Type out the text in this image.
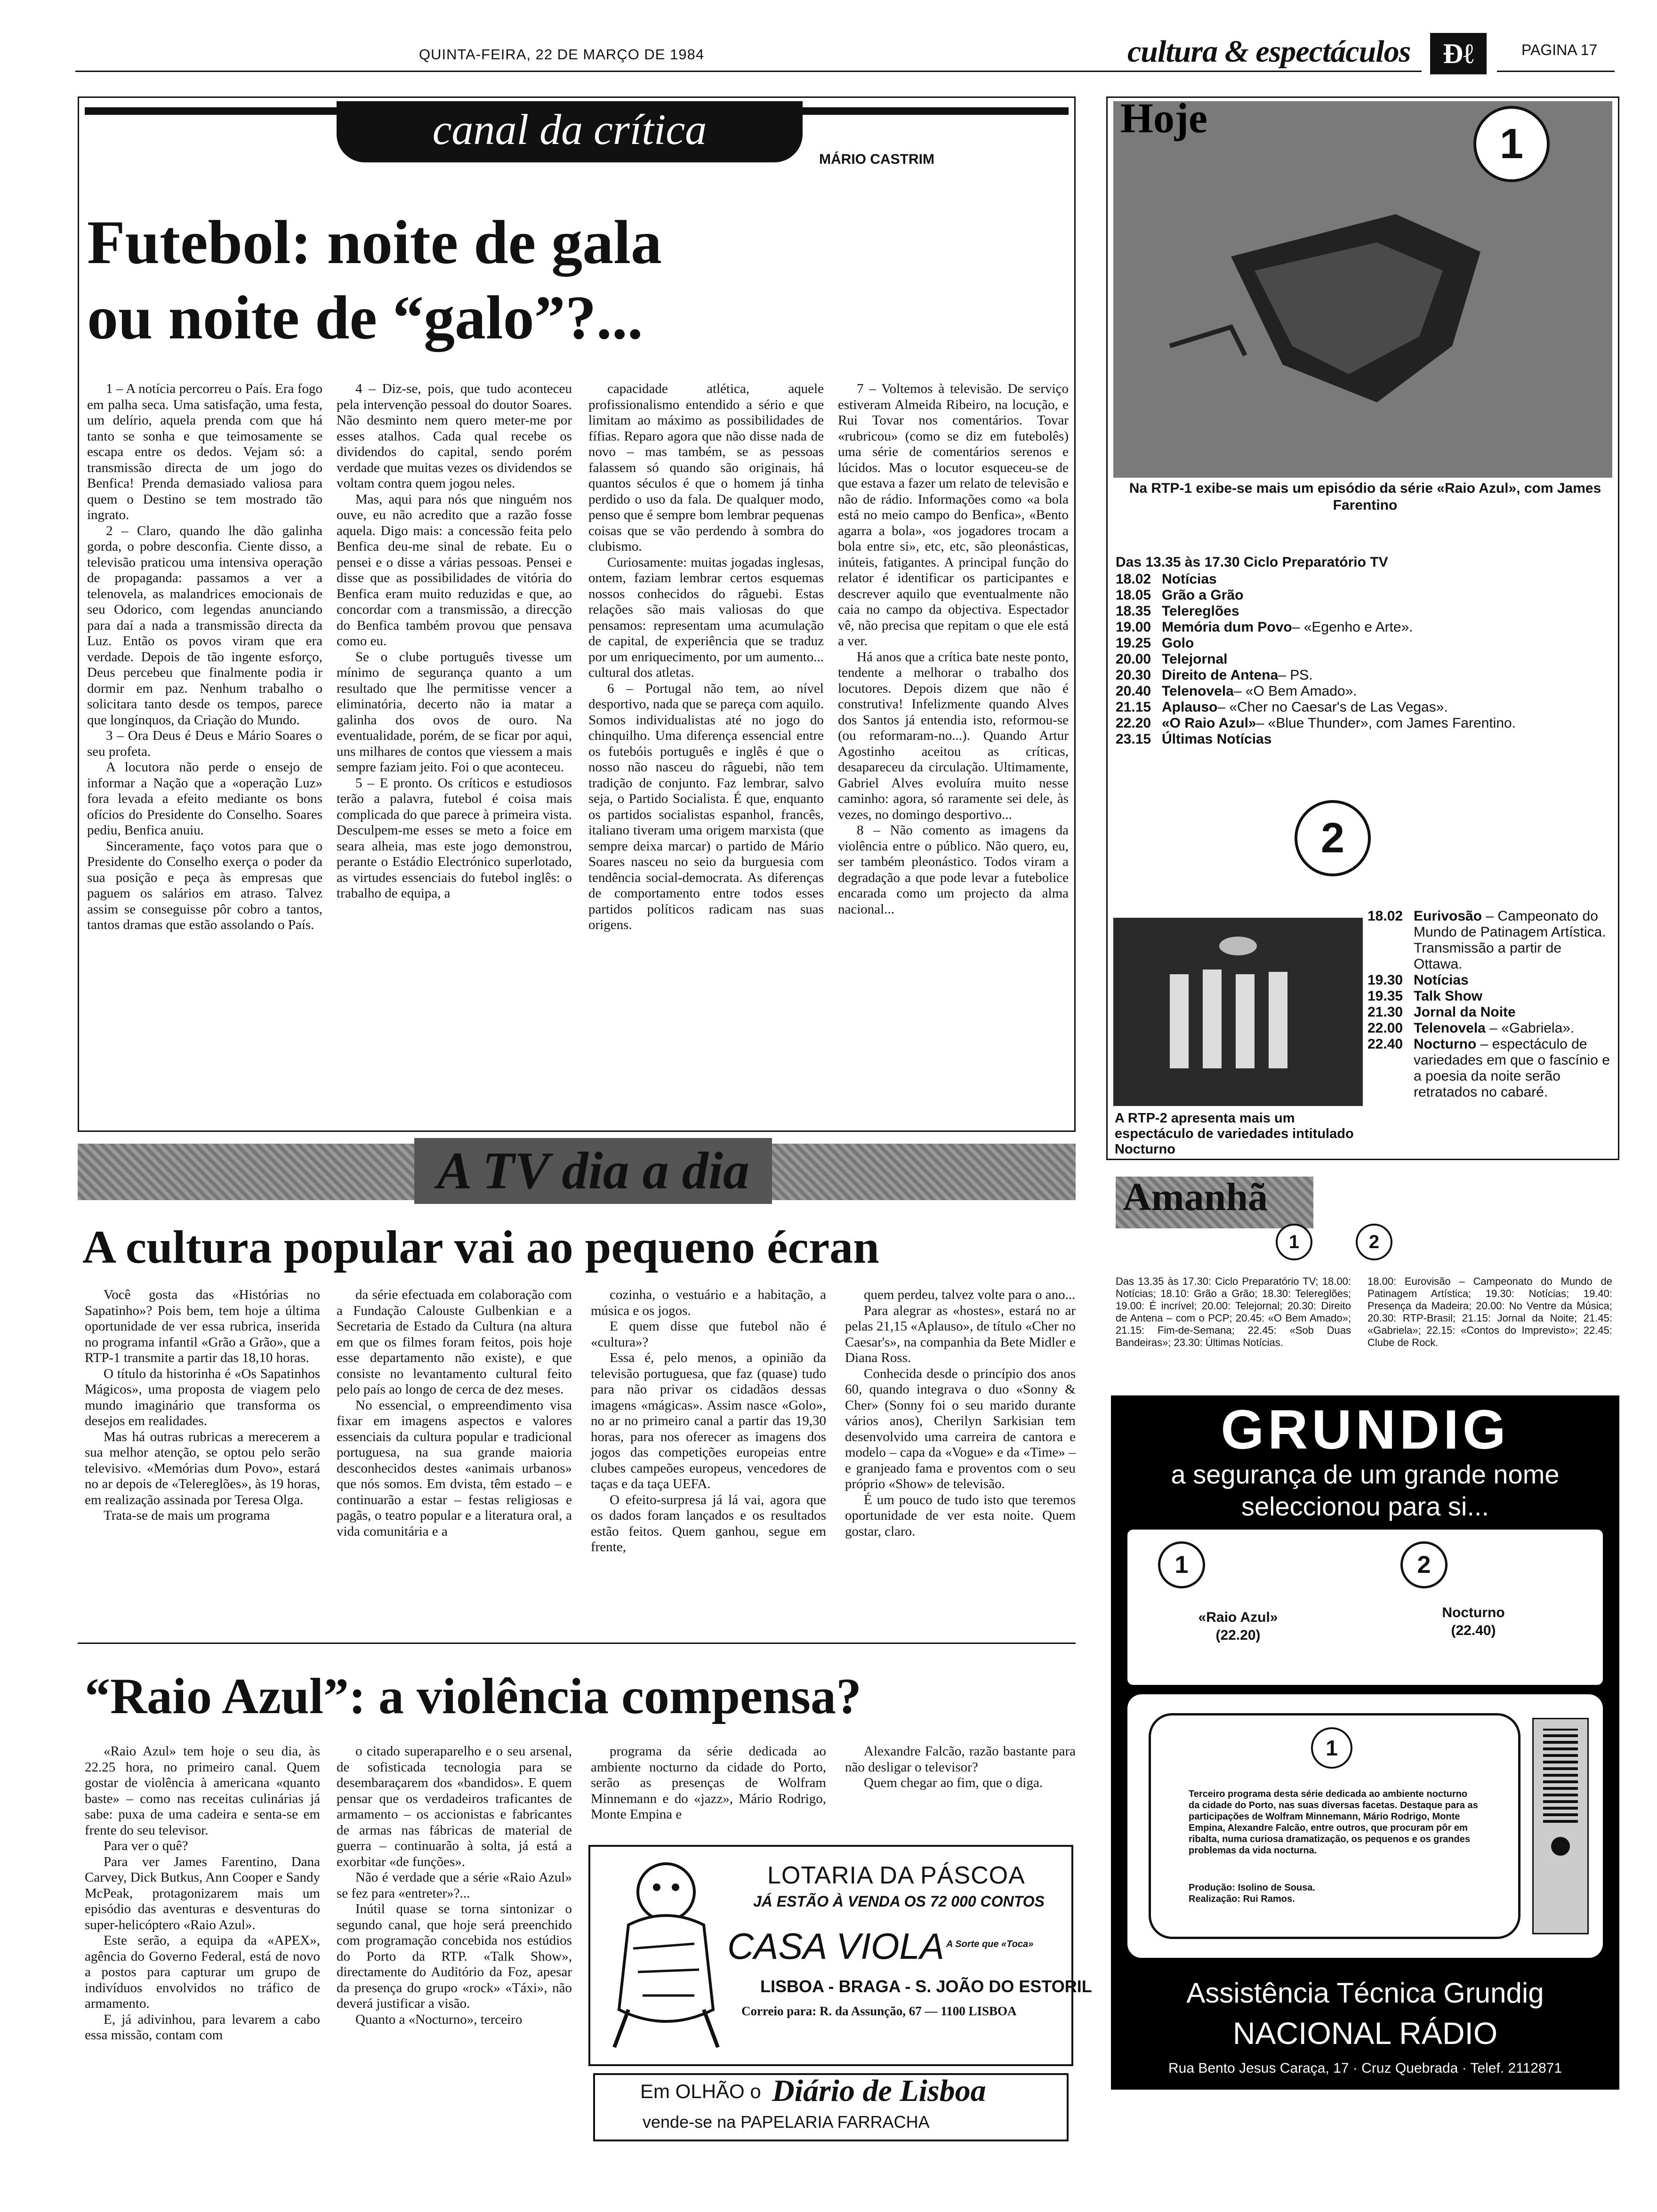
QUINTA-FEIRA, 22 DE MARÇO DE 1984	cultura & espectáculos	Ɖℓ	PAGINA 17
canal da crítica
MÁRIO CASTRIM
Futebol: noite de gala
ou noite de “galo”?...

1 – A notícia percorreu o País. Era fogo em palha seca. Uma satisfação, uma festa, um delírio, aquela prenda com que há tanto se sonha e que teimosamente se escapa entre os dedos. Vejam só: a transmissão directa de um jogo do Benfica! Prenda demasiado valiosa para quem o Destino se tem mostrado tão ingrato.

2 – Claro, quando lhe dão galinha gorda, o pobre desconfia. Ciente disso, a televisão praticou uma intensiva operação de propaganda: passamos a ver a telenovela, as malandrices emocionais de seu Odorico, com legendas anunciando para daí a nada a transmissão directa da Luz. Então os povos viram que era verdade. Depois de tão ingente esforço, Deus percebeu que finalmente podia ir dormir em paz. Nenhum trabalho o solicitara tanto desde os tempos, parece que longínquos, da Criação do Mundo.

3 – Ora Deus é Deus e Mário Soares o seu profeta.

A locutora não perde o ensejo de informar a Nação que a «operação Luz» fora levada a efeito mediante os bons ofícios do Presidente do Conselho. Soares pediu, Benfica anuiu.

Sinceramente, faço votos para que o Presidente do Conselho exerça o poder da sua posição e peça às empresas que paguem os salários em atraso. Talvez assim se conseguisse pôr cobro a tantos, tantos dramas que estão assolando o País.

4 – Diz-se, pois, que tudo aconteceu pela intervenção pessoal do doutor Soares. Não desminto nem quero meter-me por esses atalhos. Cada qual recebe os dividendos do capital, sendo porém verdade que muitas vezes os dividendos se voltam contra quem jogou neles.

Mas, aqui para nós que ninguém nos ouve, eu não acredito que a razão fosse aquela. Digo mais: a concessão feita pelo Benfica deu-me sinal de rebate. Eu o pensei e o disse a várias pessoas. Pensei e disse que as possibilidades de vitória do Benfica eram muito reduzidas e que, ao concordar com a transmissão, a direcção do Benfica também provou que pensava como eu.

Se o clube português tivesse um mínimo de segurança quanto a um resultado que lhe permitisse vencer a eliminatória, decerto não ia matar a galinha dos ovos de ouro. Na eventualidade, porém, de se ficar por aqui, uns milhares de contos que viessem a mais sempre faziam jeito. Foi o que aconteceu.

5 – E pronto. Os críticos e estudiosos terão a palavra, futebol é coisa mais complicada do que parece à primeira vista. Desculpem-me esses se meto a foice em seara alheia, mas este jogo demonstrou, perante o Estádio Electrónico superlotado, as virtudes essenciais do futebol inglês: o trabalho de equipa, a

capacidade atlética, aquele profissionalismo entendido a sério e que limitam ao máximo as possibilidades de fífias. Reparo agora que não disse nada de novo – mas também, se as pessoas falassem só quando são originais, há quantos séculos é que o homem já tinha perdido o uso da fala. De qualquer modo, penso que é sempre bom lembrar pequenas coisas que se vão perdendo à sombra do clubismo.

Curiosamente: muitas jogadas inglesas, ontem, faziam lembrar certos esquemas nossos conhecidos do râguebi. Estas relações são mais valiosas do que pensamos: representam uma acumulação de capital, de experiência que se traduz por um enriquecimento, por um aumento... cultural dos atletas.

6 – Portugal não tem, ao nível desportivo, nada que se pareça com aquilo. Somos individualistas até no jogo do chinquilho. Uma diferença essencial entre os futebóis português e inglês é que o nosso não nasceu do râguebi, não tem tradição de conjunto. Faz lembrar, salvo seja, o Partido Socialista. É que, enquanto os partidos socialistas espanhol, francês, italiano tiveram uma origem marxista (que sempre deixa marcar) o partido de Mário Soares nasceu no seio da burguesia com tendência social-democrata. As diferenças de comportamento entre todos esses partidos políticos radicam nas suas origens.

7 – Voltemos à televisão. De serviço estiveram Almeida Ribeiro, na locução, e Rui Tovar nos comentários. Tovar «rubricou» (como se diz em futebolês) uma série de comentários serenos e lúcidos. Mas o locutor esqueceu-se de que estava a fazer um relato de televisão e não de rádio. Informações como «a bola está no meio campo do Benfica», «Bento agarra a bola», «os jogadores trocam a bola entre si», etc, etc, são pleonásticas, inúteis, fatigantes. A principal função do relator é identificar os participantes e descrever aquilo que eventualmente não caia no campo da objectiva. Espectador vê, não precisa que repitam o que ele está a ver.

Há anos que a crítica bate neste ponto, tendente a melhorar o trabalho dos locutores. Depois dizem que não é construtiva! Infelizmente quando Alves dos Santos já entendia isto, reformou-se (ou reformaram-no...). Quando Artur Agostinho aceitou as críticas, desapareceu da circulação. Ultimamente, Gabriel Alves evoluíra muito nesse caminho: agora, só raramente sei dele, às vezes, no domingo desportivo...

8 – Não comento as imagens da violência entre o público. Não quero, eu, ser também pleonástico. Todos viram a degradação a que pode levar a futebolice encarada como um projecto da alma nacional...

A TV dia a dia
A cultura popular vai ao pequeno écran

Você gosta das «Histórias no Sapatinho»? Pois bem, tem hoje a última oportunidade de ver essa rubrica, inserida no programa infantil «Grão a Grão», que a RTP-1 transmite a partir das 18,10 horas.

O título da historinha é «Os Sapatinhos Mágicos», uma proposta de viagem pelo mundo imaginário que transforma os desejos em realidades.

Mas há outras rubricas a merecerem a sua melhor atenção, se optou pelo serão televisivo. «Memórias dum Povo», estará no ar depois de «Telereglões», às 19 horas, em realização assinada por Teresa Olga.

Trata-se de mais um programa

da série efectuada em colaboração com a Fundação Calouste Gulbenkian e a Secretaria de Estado da Cultura (na altura em que os filmes foram feitos, pois hoje esse departamento não existe), e que consiste no levantamento cultural feito pelo país ao longo de cerca de dez meses.

No essencial, o empreendimento visa fixar em imagens aspectos e valores essenciais da cultura popular e tradicional portuguesa, na sua grande maioria desconhecidos destes «animais urbanos» que nós somos. Em dvista, têm estado – e continuarão a estar – festas religiosas e pagãs, o teatro popular e a literatura oral, a vida comunitária e a

cozinha, o vestuário e a habitação, a música e os jogos.

E quem disse que futebol não é «cultura»?

Essa é, pelo menos, a opinião da televisão portuguesa, que faz (quase) tudo para não privar os cidadãos dessas imagens «mágicas». Assim nasce «Golo», no ar no primeiro canal a partir das 19,30 horas, para nos oferecer as imagens dos jogos das competições europeias entre clubes campeões europeus, vencedores de taças e da taça UEFA.

O efeito-surpresa já lá vai, agora que os dados foram lançados e os resultados estão feitos. Quem ganhou, segue em frente,

quem perdeu, talvez volte para o ano...

Para alegrar as «hostes», estará no ar pelas 21,15 «Aplauso», de título «Cher no Caesar's», na companhia da Bete Midler e Diana Ross.

Conhecida desde o princípio dos anos 60, quando integrava o duo «Sonny & Cher» (Sonny foi o seu marido durante vários anos), Cherilyn Sarkisian tem desenvolvido uma carreira de cantora e modelo – capa da «Vogue» e da «Time» – e granjeado fama e proventos com o seu próprio «Show» de televisão.

É um pouco de tudo isto que teremos oportunidade de ver esta noite. Quem gostar, claro.

“Raio Azul”: a violência compensa?

«Raio Azul» tem hoje o seu dia, às 22.25 hora, no primeiro canal. Quem gostar de violência à americana «quanto baste» – como nas receitas culinárias já sabe: puxa de uma cadeira e senta-se em frente do seu televisor.

Para ver o quê?

Para ver James Farentino, Dana Carvey, Dick Butkus, Ann Cooper e Sandy McPeak, protagonizarem mais um episódio das aventuras e desventuras do super-helicóptero «Raio Azul».

Este serão, a equipa da «APEX», agência do Governo Federal, está de novo a postos para capturar um grupo de indivíduos envolvidos no tráfico de armamento.

E, já adivinhou, para levarem a cabo essa missão, contam com

o citado superaparelho e o seu arsenal, de sofisticada tecnologia para se desembaraçarem dos «bandidos». E quem pensar que os verdadeiros traficantes de armamento – os accionistas e fabricantes de armas nas fábricas de material de guerra – continuarão à solta, já está a exorbitar «de funções».

Não é verdade que a série «Raio Azul» se fez para «entreter»?...

Inútil quase se torna sintonizar o segundo canal, que hoje será preenchido com programação concebida nos estúdios do Porto da RTP. «Talk Show», directamente do Auditório da Foz, apesar da presença do grupo «rock» «Táxi», não deverá justificar a visão.

Quanto a «Nocturno», terceiro

programa da série dedicada ao ambiente nocturno da cidade do Porto, serão as presenças de Wolfram Minnemann e do «jazz», Mário Rodrigo, Monte Empina e

Alexandre Falcão, razão bastante para não desligar o televisor?

Quem chegar ao fim, que o diga.

LOTARIA DA PÁSCOA
JÁ ESTÃO À VENDA OS 72 000 CONTOS
CASA VIOLA A Sorte que «Toca»
LISBOA - BRAGA - S. JOÃO DO ESTORIL
Correio para: R. da Assunção, 67 — 1100 LISBOA
Em OLHÃO o Diário de Lisboa
vende-se na PAPELARIA FARRACHA
Hoje
1
Na RTP-1 exibe-se mais um episódio da série «Raio Azul», com James Farentino
Das 13.35 às 17.30 Ciclo Preparatório TV
18.02 Notícias
18.05 Grão a Grão
18.35 Telereglões
19.00 Memória dum Povo – «Egenho e Arte».
19.25 Golo
20.00 Telejornal
20.30 Direito de Antena – PS.
20.40 Telenovela – «O Bem Amado».
21.15 Aplauso – «Cher no Caesar's de Las Vegas».
22.20 «O Raio Azul» – «Blue Thunder», com James Farentino.
23.15 Últimas Notícias
2
A RTP-2 apresenta mais um espectáculo de variedades intitulado Nocturno
18.02 Eurivosão – Campeonato do Mundo de Patinagem Artística. Transmissão a partir de Ottawa.
19.30 Notícias
19.35 Talk Show
21.30 Jornal da Noite
22.00 Telenovela – «Gabriela».
22.40 Nocturno – espectáculo de variedades em que o fascínio e a poesia da noite serão retratados no cabaré.
Amanhã
1	2
Das 13.35 às 17.30: Ciclo Preparatório TV; 18.00: Notícias; 18.10: Grão a Grão; 18.30: Telereglões; 19.00: É incrível; 20.00: Telejornal; 20.30: Direito de Antena – com o PCP; 20.45: «O Bem Amado»; 21.15: Fim-de-Semana; 22.45: «Sob Duas Bandeiras»; 23.30: Últimas Notícias.
18.00: Eurovisão – Campeonato do Mundo de Patinagem Artística; 19.30: Notícias; 19.40: Presença da Madeira; 20.00: No Ventre da Música; 20.30: RTP-Brasil; 21.15: Jornal da Noite; 21.45: «Gabriela»; 22.15: «Contos do Imprevisto»; 22.45: Clube de Rock.
GRUNDIG
a segurança de um grande nome
seleccionou para si...
1	2
«Raio Azul»
(22.20)
Nocturno
(22.40)
1
Terceiro programa desta série dedicada ao ambiente nocturno da cidade do Porto, nas suas diversas facetas. Destaque para as participações de Wolfram Minnemann, Mário Rodrigo, Monte Empina, Alexandre Falcão, entre outros, que procuram pôr em ribalta, numa curiosa dramatização, os pequenos e os grandes problemas da vida nocturna.
Produção: Isolino de Sousa.
Realização: Rui Ramos.
Assistência Técnica Grundig
NACIONAL RÁDIO
Rua Bento Jesus Caraça, 17 · Cruz Quebrada · Telef. 2112871
